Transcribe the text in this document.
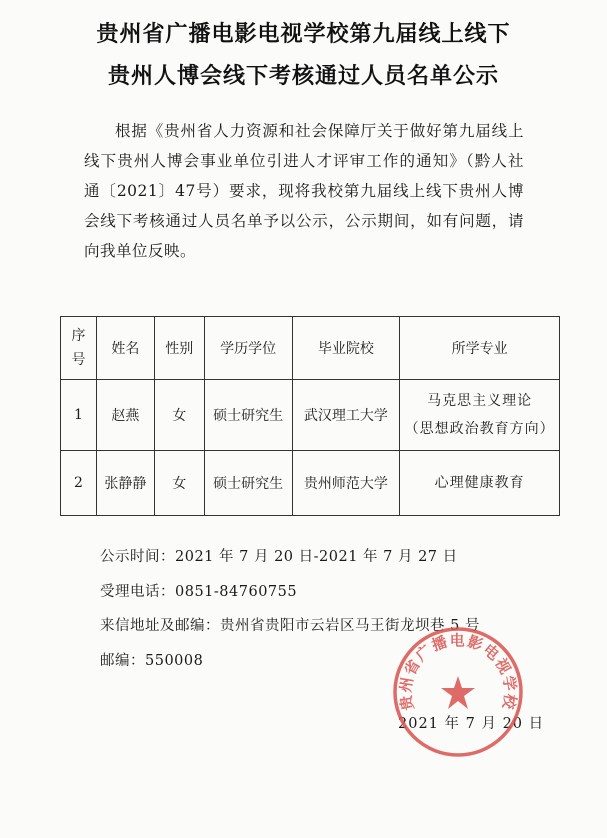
贵州省广播电影电视学校第九届线上线下
贵州人博会线下考核通过人员名单公示

根据《贵州省人力资源和社会保障厅关于做好第九届线上线下贵州人博会事业单位引进人才评审工作的通知》（黔人社通〔2021〕47号）要求，现将我校第九届线上线下贵州人博会线下考核通过人员名单予以公示，公示期间，如有问题，请向我单位反映。

序
号	姓名	性别	学历学位	毕业院校	所学专业
1	赵燕	女	硕士研究生	武汉理工大学	马克思主义理论
（思想政治教育方向）

2	张静静	女	硕士研究生	贵州师范大学	心理健康教育
公示时间：2021 年 7 月 20 日-2021 年 7 月 27 日
受理电话：0851-84760755
来信地址及邮编：贵州省贵阳市云岩区马王街龙坝巷 5 号
邮编：550008
2021 年 7 月 20 日
贵州省广播电影电视学校
